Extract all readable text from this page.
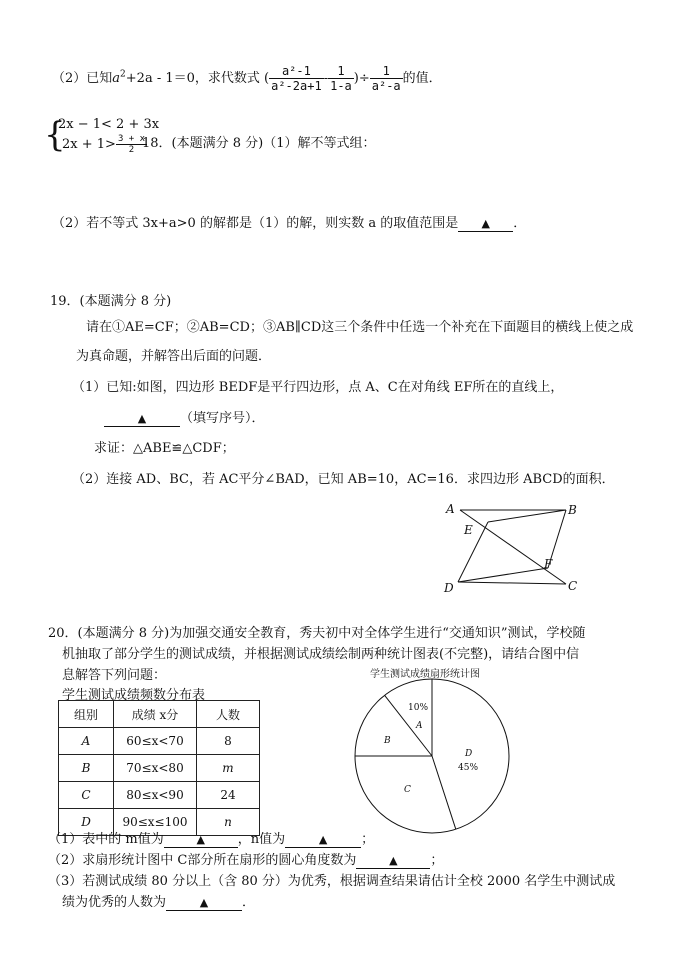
（2）已知$a^2+2a - 1=0$，求代数式 ( $\frac{\text{a²-1}}{\text{a²-2a+1}} - \frac{1}{1-a}$ )÷ $\frac{1}{\text{a²-a}}$ 的值．
{
2x − 1< 2 + 3x
$2x + 1> \frac{3 + x}{2}$
18．(本题满分 8 分)（1）解不等式组：
（2）若不等式 3x+a>0 的解都是（1）的解，则实数 a 的取值范围是 ▲ ．
19．(本题满分 8 分)
请在①AE=CF；②AB=CD；③AB∥CD这三个条件中任选一个补充在下面题目的横线上使之成
为真命题，并解答出后面的问题．
（1）已知:如图，四边形 BEDF是平行四边形，点 A、C在对角线 EF所在的直线上，
▲	（填写序号）．
求证：△ABE≌△CDF；
（2）连接 AD、BC，若 AC平分∠BAD，已知 AB=10，AC=16．求四边形 ABCD的面积．
A	B
E
F
D	C
20．(本题满分 8 分)为加强交通安全教育，秀夫初中对全体学生进行“交通知识”测试，学校随
机抽取了部分学生的测试成绩，并根据测试成绩绘制两种统计图表(不完整)，请结合图中信
息解答下列问题：
学生测试成绩频数分布表
组别	成绩 x分	人数
A	60≤x<70	8
B	70≤x<80	m
C	80≤x<90	24
D	90≤x≤100	n
学生测试成绩扇形统计图
10%
A
B
C
D
45%
（1）表中的 m值为	▲	，n值为	▲	；
（2）求扇形统计图中 C部分所在扇形的圆心角度数为	▲	；
（3）若测试成绩 80 分以上（含 80 分）为优秀，根据调查结果请估计全校 2000 名学生中测试成
绩为优秀的人数为	▲	．
